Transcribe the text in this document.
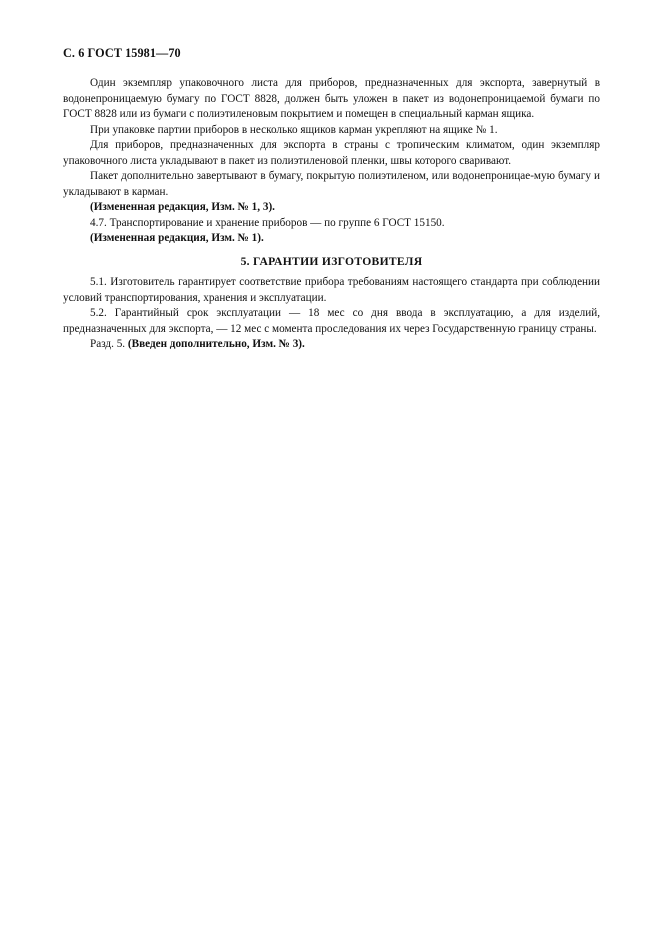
С. 6 ГОСТ 15981—70

Один экземпляр упаковочного листа для приборов, предназначенных для экспорта, завернутый в водонепроницаемую бумагу по ГОСТ 8828, должен быть уложен в пакет из водонепроницаемой бумаги по ГОСТ 8828 или из бумаги с полиэтиленовым покрытием и помещен в специальный карман ящика.

При упаковке партии приборов в несколько ящиков карман укрепляют на ящике № 1.

Для приборов, предназначенных для экспорта в страны с тропическим климатом, один экземпляр упаковочного листа укладывают в пакет из полиэтиленовой пленки, швы которого сваривают.

Пакет дополнительно завертывают в бумагу, покрытую полиэтиленом, или водонепроницае-мую бумагу и укладывают в карман.

(Измененная редакция, Изм. № 1, 3).

4.7. Транспортирование и хранение приборов — по группе 6 ГОСТ 15150.

(Измененная редакция, Изм. № 1).

5. ГАРАНТИИ ИЗГОТОВИТЕЛЯ

5.1. Изготовитель гарантирует соответствие прибора требованиям настоящего стандарта при соблюдении условий транспортирования, хранения и эксплуатации.

5.2. Гарантийный срок эксплуатации — 18 мес со дня ввода в эксплуатацию, а для изделий, предназначенных для экспорта, — 12 мес с момента проследования их через Государственную границу страны.

Разд. 5. (Введен дополнительно, Изм. № 3).
